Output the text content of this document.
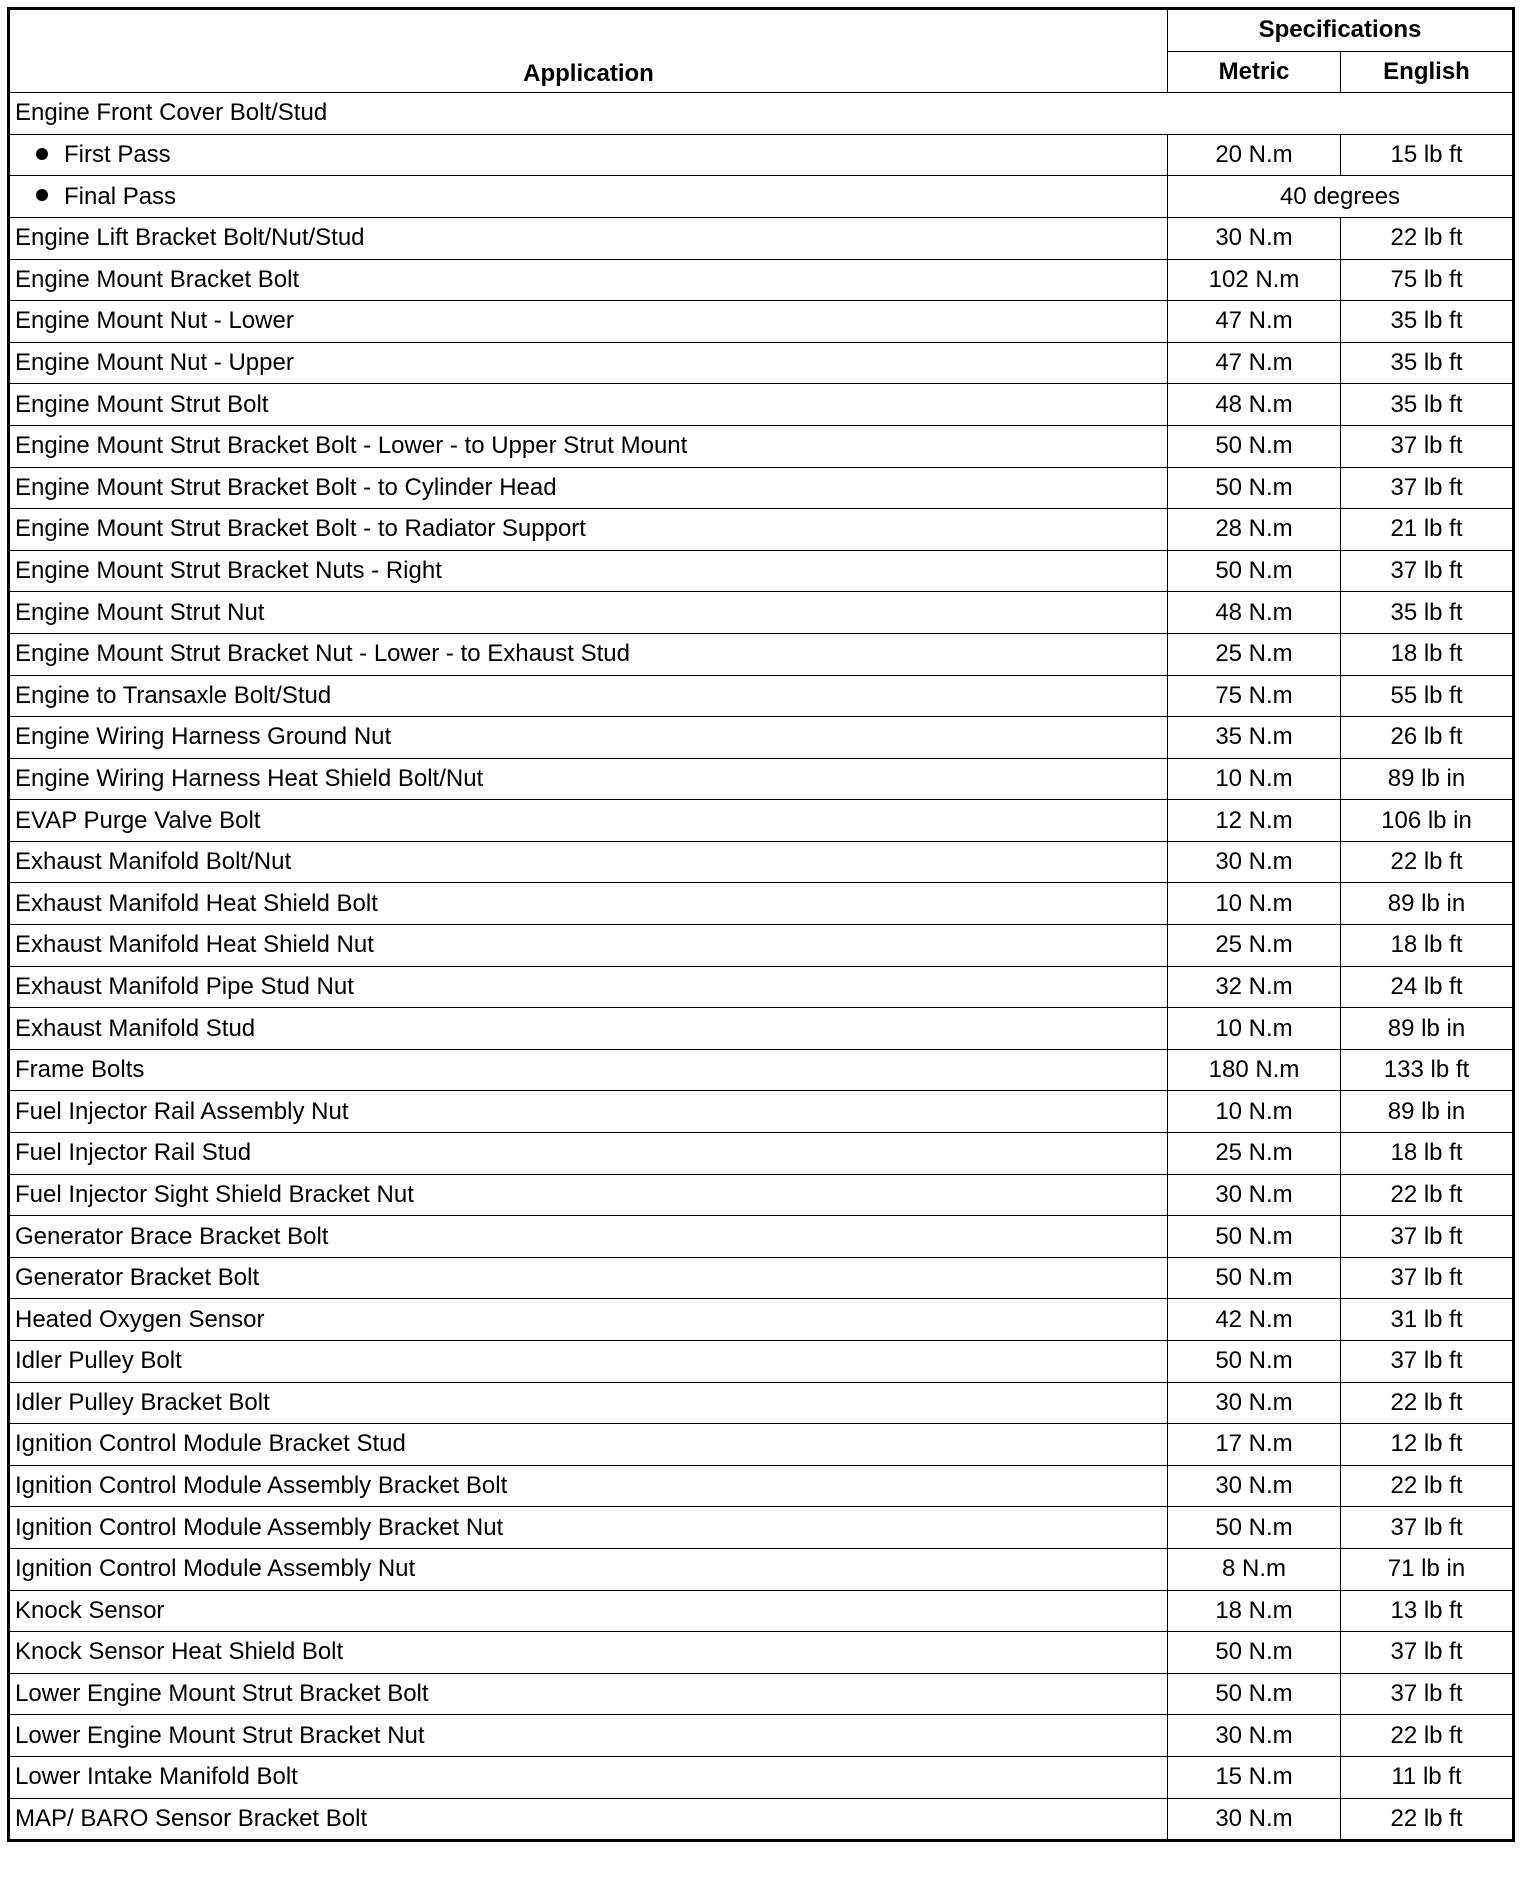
Application	Specifications	
	Metric	English
Engine Front Cover Bolt/Stud		
First Pass	20 N.m	15 lb ft
Final Pass	40 degrees	
Engine Lift Bracket Bolt/Nut/Stud	30 N.m	22 lb ft
Engine Mount Bracket Bolt	102 N.m	75 lb ft
Engine Mount Nut - Lower	47 N.m	35 lb ft
Engine Mount Nut - Upper	47 N.m	35 lb ft
Engine Mount Strut Bolt	48 N.m	35 lb ft
Engine Mount Strut Bracket Bolt - Lower - to Upper Strut Mount	50 N.m	37 lb ft
Engine Mount Strut Bracket Bolt - to Cylinder Head	50 N.m	37 lb ft
Engine Mount Strut Bracket Bolt - to Radiator Support	28 N.m	21 lb ft
Engine Mount Strut Bracket Nuts - Right	50 N.m	37 lb ft
Engine Mount Strut Nut	48 N.m	35 lb ft
Engine Mount Strut Bracket Nut - Lower - to Exhaust Stud	25 N.m	18 lb ft
Engine to Transaxle Bolt/Stud	75 N.m	55 lb ft
Engine Wiring Harness Ground Nut	35 N.m	26 lb ft
Engine Wiring Harness Heat Shield Bolt/Nut	10 N.m	89 lb in
EVAP Purge Valve Bolt	12 N.m	106 lb in
Exhaust Manifold Bolt/Nut	30 N.m	22 lb ft
Exhaust Manifold Heat Shield Bolt	10 N.m	89 lb in
Exhaust Manifold Heat Shield Nut	25 N.m	18 lb ft
Exhaust Manifold Pipe Stud Nut	32 N.m	24 lb ft
Exhaust Manifold Stud	10 N.m	89 lb in
Frame Bolts	180 N.m	133 lb ft
Fuel Injector Rail Assembly Nut	10 N.m	89 lb in
Fuel Injector Rail Stud	25 N.m	18 lb ft
Fuel Injector Sight Shield Bracket Nut	30 N.m	22 lb ft
Generator Brace Bracket Bolt	50 N.m	37 lb ft
Generator Bracket Bolt	50 N.m	37 lb ft
Heated Oxygen Sensor	42 N.m	31 lb ft
Idler Pulley Bolt	50 N.m	37 lb ft
Idler Pulley Bracket Bolt	30 N.m	22 lb ft
Ignition Control Module Bracket Stud	17 N.m	12 lb ft
Ignition Control Module Assembly Bracket Bolt	30 N.m	22 lb ft
Ignition Control Module Assembly Bracket Nut	50 N.m	37 lb ft
Ignition Control Module Assembly Nut	8 N.m	71 lb in
Knock Sensor	18 N.m	13 lb ft
Knock Sensor Heat Shield Bolt	50 N.m	37 lb ft
Lower Engine Mount Strut Bracket Bolt	50 N.m	37 lb ft
Lower Engine Mount Strut Bracket Nut	30 N.m	22 lb ft
Lower Intake Manifold Bolt	15 N.m	11 lb ft
MAP/ BARO Sensor Bracket Bolt	30 N.m	22 lb ft
